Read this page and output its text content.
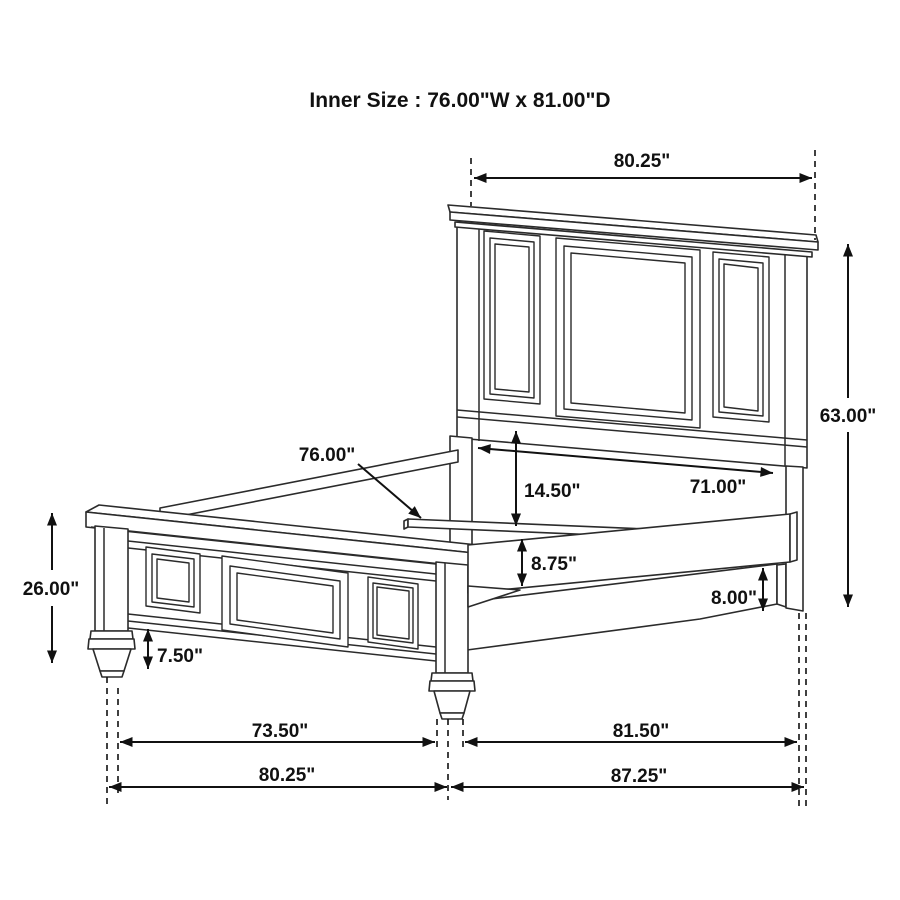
Inner Size : 76.00"W x 81.00"D
80.25"
63.00"
76.00"
14.50"	71.00"
8.75"
8.00"
26.00"
7.50"
73.50"	81.50"
80.25"	87.25"
